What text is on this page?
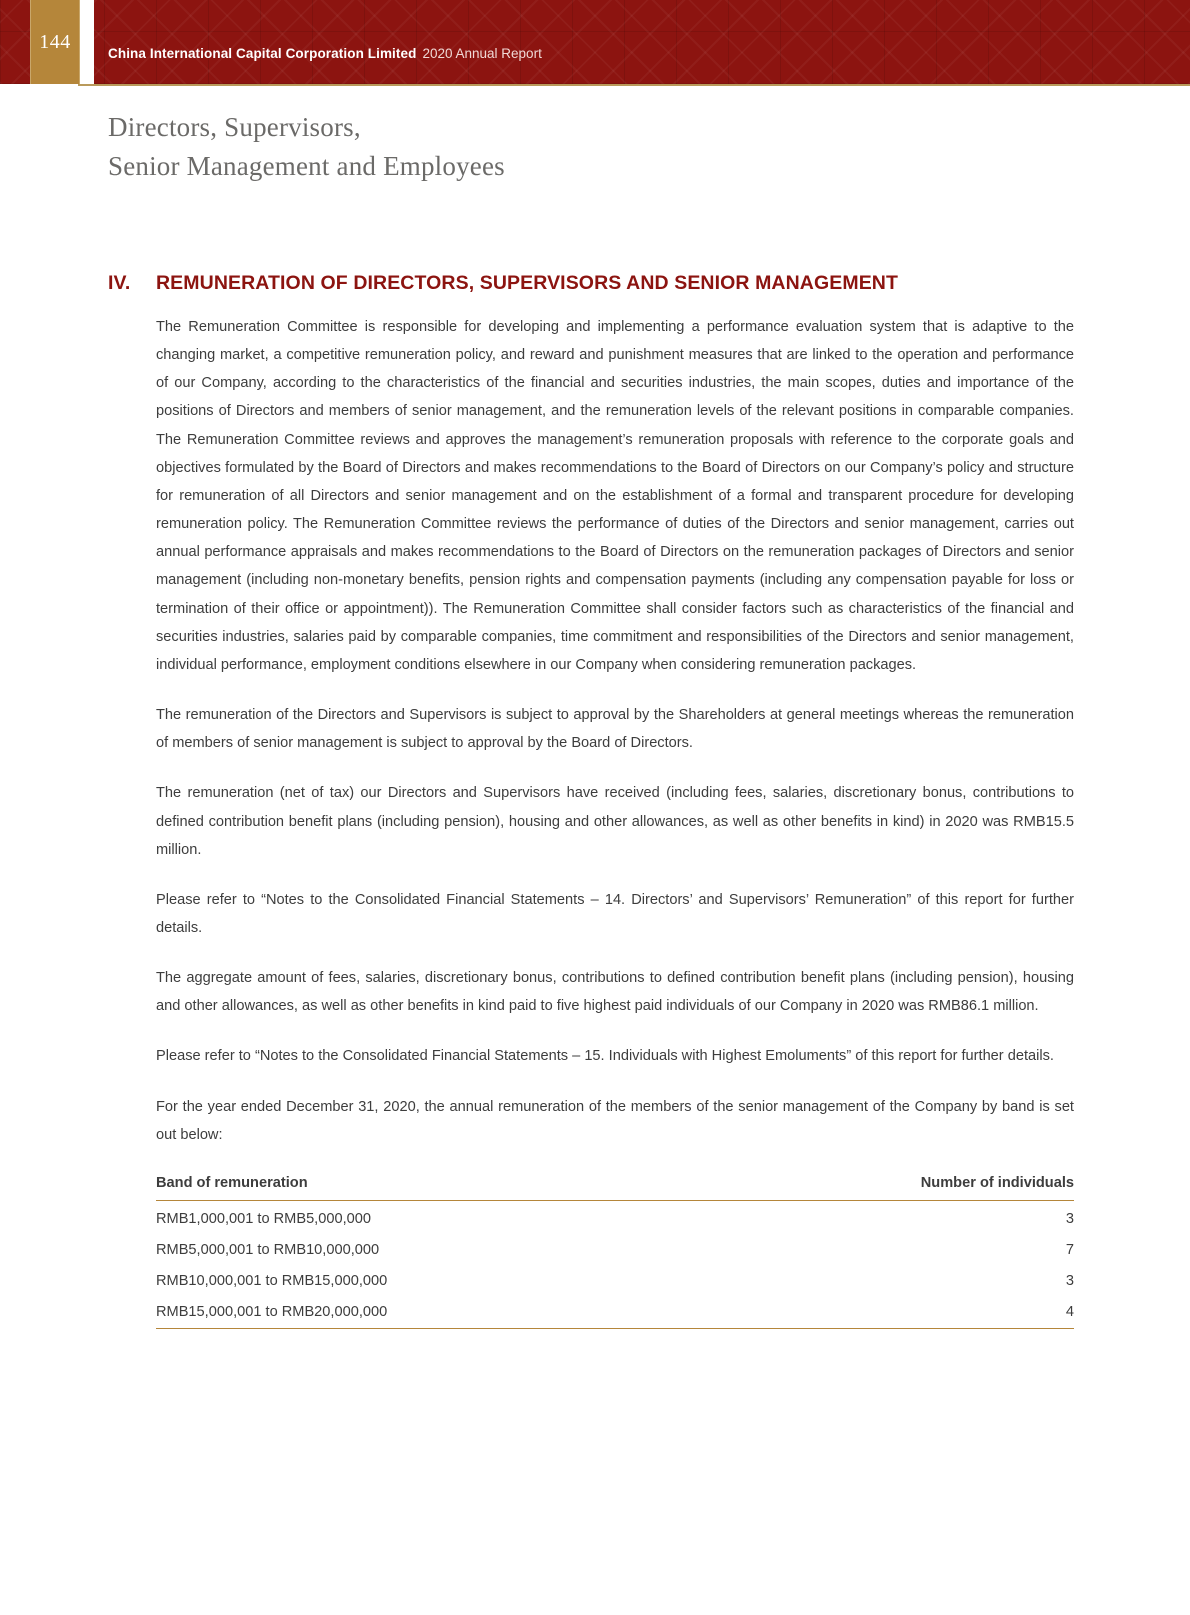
144
China International Capital Corporation Limited 2020 Annual Report
Directors, Supervisors,
Senior Management and Employees
IV.	REMUNERATION OF DIRECTORS, SUPERVISORS AND SENIOR MANAGEMENT

The Remuneration Committee is responsible for developing and implementing a performance evaluation system that is adaptive to the changing market, a competitive remuneration policy, and reward and punishment measures that are linked to the operation and performance of our Company, according to the characteristics of the financial and securities industries, the main scopes, duties and importance of the positions of Directors and members of senior management, and the remuneration levels of the relevant positions in comparable companies. The Remuneration Committee reviews and approves the management’s remuneration proposals with reference to the corporate goals and objectives formulated by the Board of Directors and makes recommendations to the Board of Directors on our Company’s policy and structure for remuneration of all Directors and senior management and on the establishment of a formal and transparent procedure for developing remuneration policy. The Remuneration Committee reviews the performance of duties of the Directors and senior management, carries out annual performance appraisals and makes recommendations to the Board of Directors on the remuneration packages of Directors and senior management (including non-monetary benefits, pension rights and compensation payments (including any compensation payable for loss or termination of their office or appointment)). The Remuneration Committee shall consider factors such as characteristics of the financial and securities industries, salaries paid by comparable companies, time commitment and responsibilities of the Directors and senior management, individual performance, employment conditions elsewhere in our Company when considering remuneration packages.

The remuneration of the Directors and Supervisors is subject to approval by the Shareholders at general meetings whereas the remuneration of members of senior management is subject to approval by the Board of Directors.

The remuneration (net of tax) our Directors and Supervisors have received (including fees, salaries, discretionary bonus, contributions to defined contribution benefit plans (including pension), housing and other allowances, as well as other benefits in kind) in 2020 was RMB15.5 million.

Please refer to “Notes to the Consolidated Financial Statements – 14. Directors’ and Supervisors’ Remuneration” of this report for further details.

The aggregate amount of fees, salaries, discretionary bonus, contributions to defined contribution benefit plans (including pension), housing and other allowances, as well as other benefits in kind paid to five highest paid individuals of our Company in 2020 was RMB86.1 million.

Please refer to “Notes to the Consolidated Financial Statements – 15. Individuals with Highest Emoluments” of this report for further details.

For the year ended December 31, 2020, the annual remuneration of the members of the senior management of the Company by band is set out below:

Band of remuneration	Number of individuals
RMB1,000,001 to RMB5,000,000	3
RMB5,000,001 to RMB10,000,000	7
RMB10,000,001 to RMB15,000,000	3
RMB15,000,001 to RMB20,000,000	4
